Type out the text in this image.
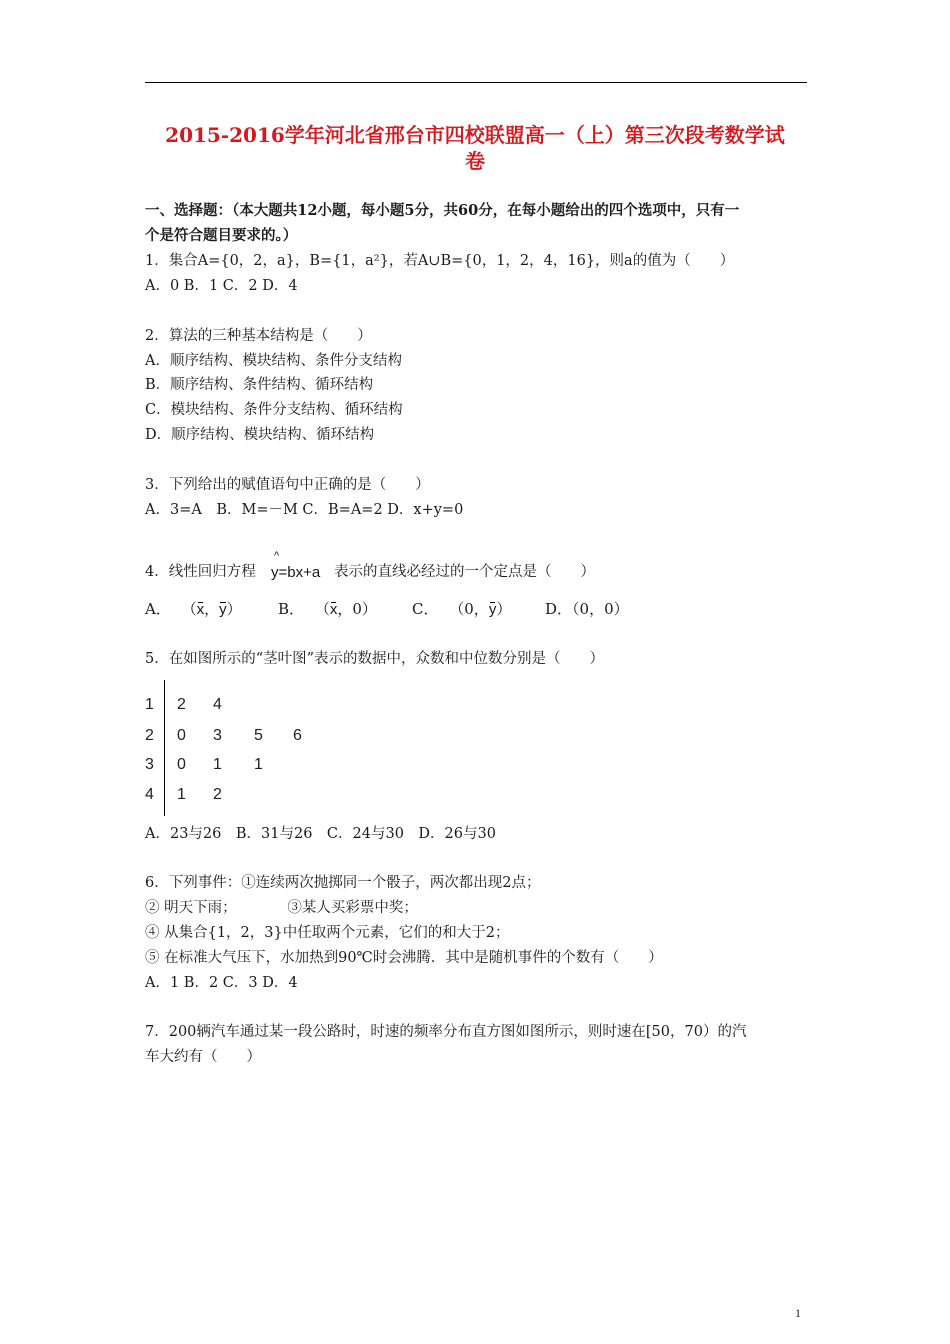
2015-2016学年河北省邢台市四校联盟高一（上）第三次段考数学试
卷
一、选择题：（本大题共12小题，每小题5分，共60分，在每小题给出的四个选项中，只有一
个是符合题目要求的。）
1．集合A={0，2，a}，B={1，a²}，若A∪B={0，1，2，4，16}，则a的值为（　　）
A．0 B．1 C．2 D．4
2．算法的三种基本结构是（　　）
A．顺序结构、模块结构、条件分支结构
B．顺序结构、条件结构、循环结构
C．模块结构、条件分支结构、循环结构
D．顺序结构、模块结构、循环结构
3．下列给出的赋值语句中正确的是（　　）
A．3=A　B．M=－M C．B=A=2 D．x+y=0
4．线性回归方程
^
y=bx+a 表示的直线必经过的一个定点是（　　）
A． （x，y） B． （x，0） C． （0，y） D．（0，0）
5．在如图所示的“茎叶图”表示的数据中，众数和中位数分别是（　　）
1 2 4
2 0 3 5 6
3 0 1 1
4 1 2
A．23与26　B．31与26　C．24与30　D．26与30
6．下列事件：①连续两次抛掷同一个骰子，两次都出现2点；
② 明天下雨；　　　　③某人买彩票中奖；
④ 从集合{1，2，3}中任取两个元素，它们的和大于2；
⑤ 在标准大气压下，水加热到90℃时会沸腾．其中是随机事件的个数有（　　）
A．1 B．2 C．3 D．4
7．200辆汽车通过某一段公路时，时速的频率分布直方图如图所示，则时速在[50，70）的汽
车大约有（　　）
1
